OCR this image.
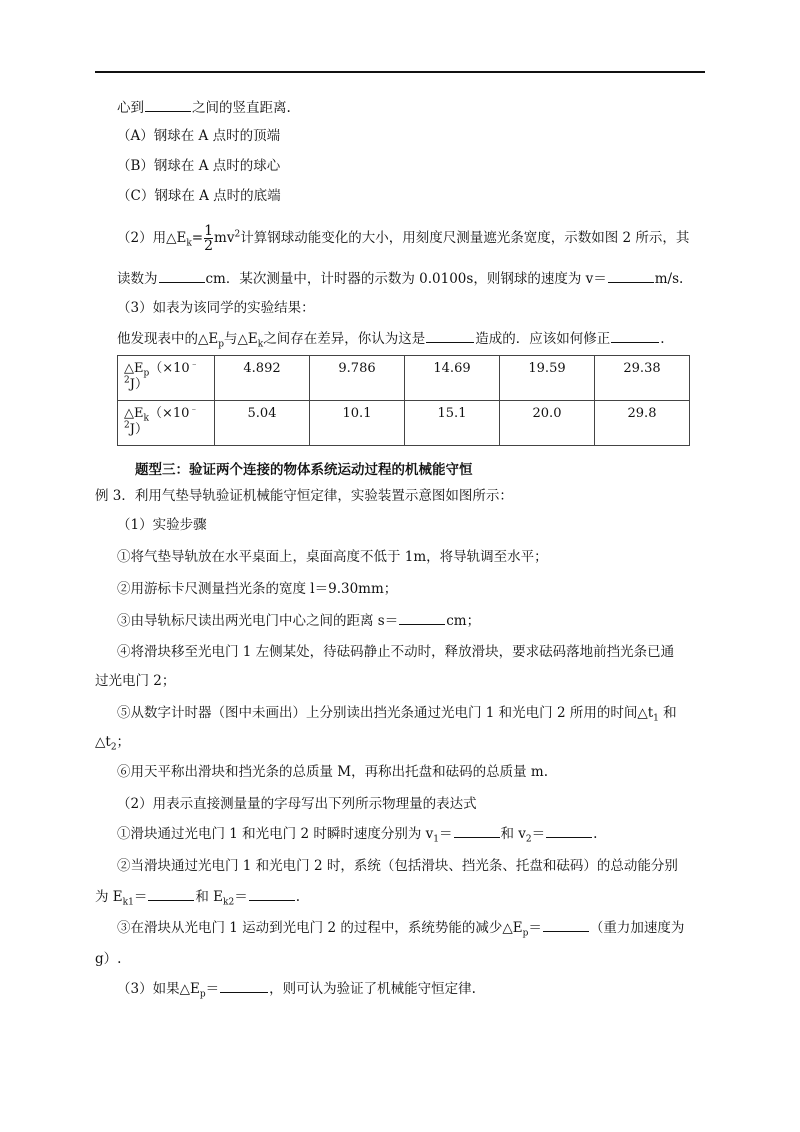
心到	之间的竖直距离.
（A）钢球在 A 点时的顶端
（B）钢球在 A 点时的球心
（C）钢球在 A 点时的底端
（2）用$\triangle E_k=\frac{1}{2} mv^2$计算钢球动能变化的大小，用刻度尺测量遮光条宽度，示数如图 2 所示，其
读数为	cm．某次测量中，计时器的示数为 0.0100s，则钢球的速度为 v＝	m/s.
（3）如表为该同学的实验结果：
他发现表中的$\triangle E_p$与$\triangle E_k$之间存在差异，你认为这是	造成的．应该如何修正	.
$\triangle E_p(\times 10^﹣$
$^2$J）	4.892	9.786	14.69	19.59	29.38
$\triangle E_k(\times 10^﹣$
$^2$J）	5.04	10.1	15.1	20.0	29.8
题型三：验证两个连接的物体系统运动过程的机械能守恒
例 3．利用气垫导轨验证机械能守恒定律，实验装置示意图如图所示：
（1）实验步骤
①将气垫导轨放在水平桌面上，桌面高度不低于 1m，将导轨调至水平；
②用游标卡尺测量挡光条的宽度 l＝9.30mm；
③由导轨标尺读出两光电门中心之间的距离 s＝	cm；
④将滑块移至光电门 1 左侧某处，待砝码静止不动时，释放滑块，要求砝码落地前挡光条已通
过光电门 2；
⑤从数字计时器（图中未画出）上分别读出挡光条通过光电门 1 和光电门 2 所用的时间$\triangle t_1$ 和
$\triangle t_2$；
⑥用天平称出滑块和挡光条的总质量 M，再称出托盘和砝码的总质量 m.
（2）用表示直接测量量的字母写出下列所示物理量的表达式
①滑块通过光电门 1 和光电门 2 时瞬时速度分别为 $v_1=$	和 $v_2=$	.
②当滑块通过光电门 1 和光电门 2 时，系统（包括滑块、挡光条、托盘和砝码）的总动能分别
为 $E_{k1}=$	和 $E_{k2}=$	.
③在滑块从光电门 1 运动到光电门 2 的过程中，系统势能的减少$\triangle E_p=$	（重力加速度为
g）.
（3）如果$\triangle E_p=$	，则可认为验证了机械能守恒定律.
